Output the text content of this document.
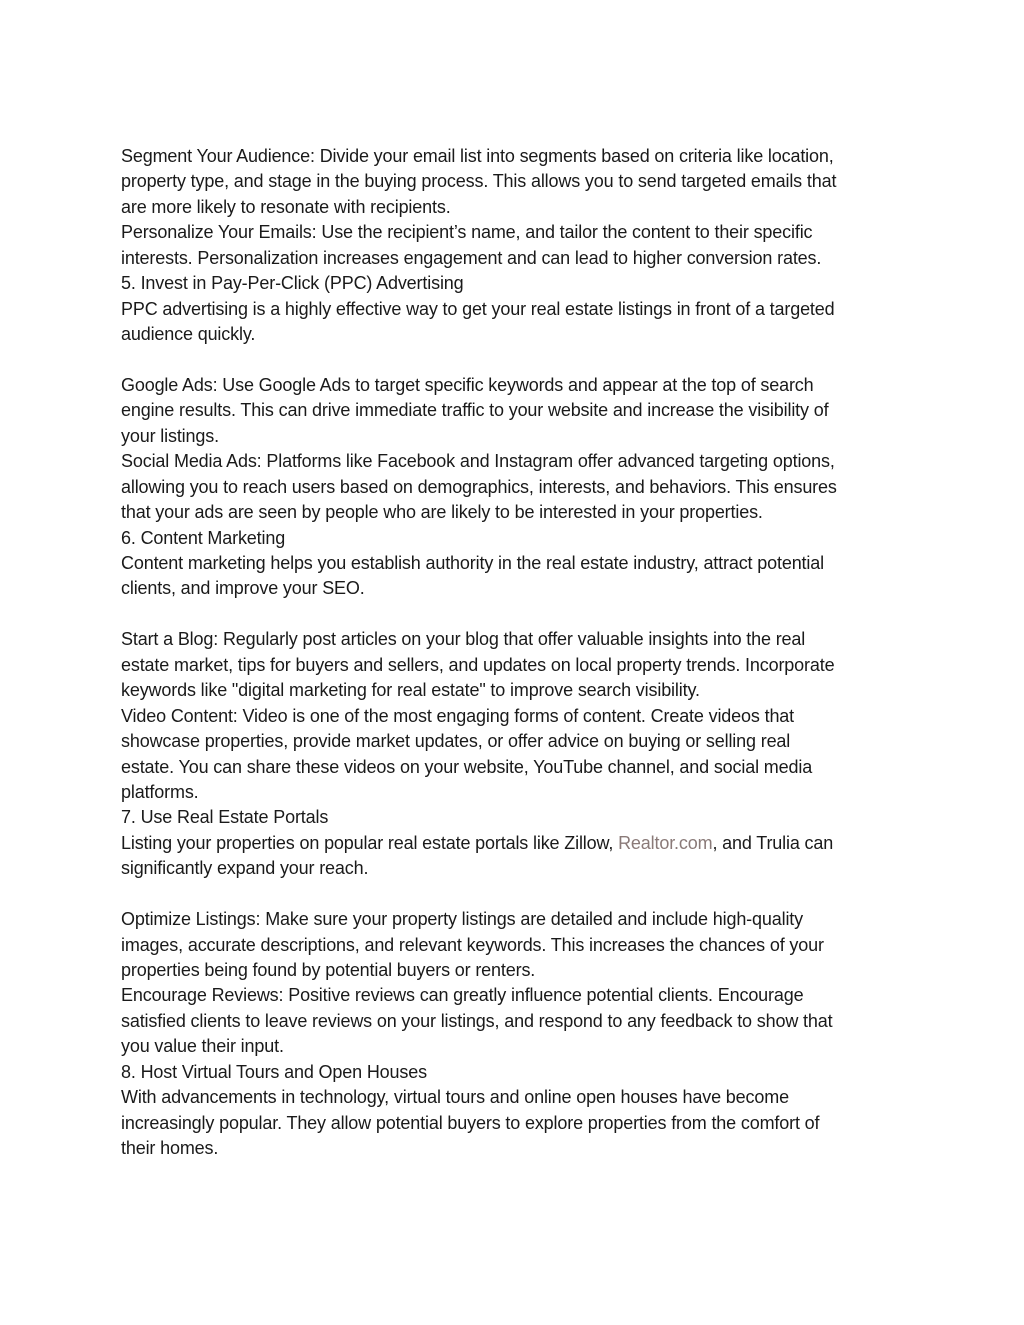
Segment Your Audience: Divide your email list into segments based on criteria like location,
property type, and stage in the buying process. This allows you to send targeted emails that
are more likely to resonate with recipients.
Personalize Your Emails: Use the recipient’s name, and tailor the content to their specific
interests. Personalization increases engagement and can lead to higher conversion rates.
5. Invest in Pay-Per-Click (PPC) Advertising
PPC advertising is a highly effective way to get your real estate listings in front of a targeted
audience quickly.
Google Ads: Use Google Ads to target specific keywords and appear at the top of search
engine results. This can drive immediate traffic to your website and increase the visibility of
your listings.
Social Media Ads: Platforms like Facebook and Instagram offer advanced targeting options,
allowing you to reach users based on demographics, interests, and behaviors. This ensures
that your ads are seen by people who are likely to be interested in your properties.
6. Content Marketing
Content marketing helps you establish authority in the real estate industry, attract potential
clients, and improve your SEO.
Start a Blog: Regularly post articles on your blog that offer valuable insights into the real
estate market, tips for buyers and sellers, and updates on local property trends. Incorporate
keywords like "digital marketing for real estate" to improve search visibility.
Video Content: Video is one of the most engaging forms of content. Create videos that
showcase properties, provide market updates, or offer advice on buying or selling real
estate. You can share these videos on your website, YouTube channel, and social media
platforms.
7. Use Real Estate Portals
Listing your properties on popular real estate portals like Zillow, Realtor.com, and Trulia can
significantly expand your reach.
Optimize Listings: Make sure your property listings are detailed and include high-quality
images, accurate descriptions, and relevant keywords. This increases the chances of your
properties being found by potential buyers or renters.
Encourage Reviews: Positive reviews can greatly influence potential clients. Encourage
satisfied clients to leave reviews on your listings, and respond to any feedback to show that
you value their input.
8. Host Virtual Tours and Open Houses
With advancements in technology, virtual tours and online open houses have become
increasingly popular. They allow potential buyers to explore properties from the comfort of
their homes.
